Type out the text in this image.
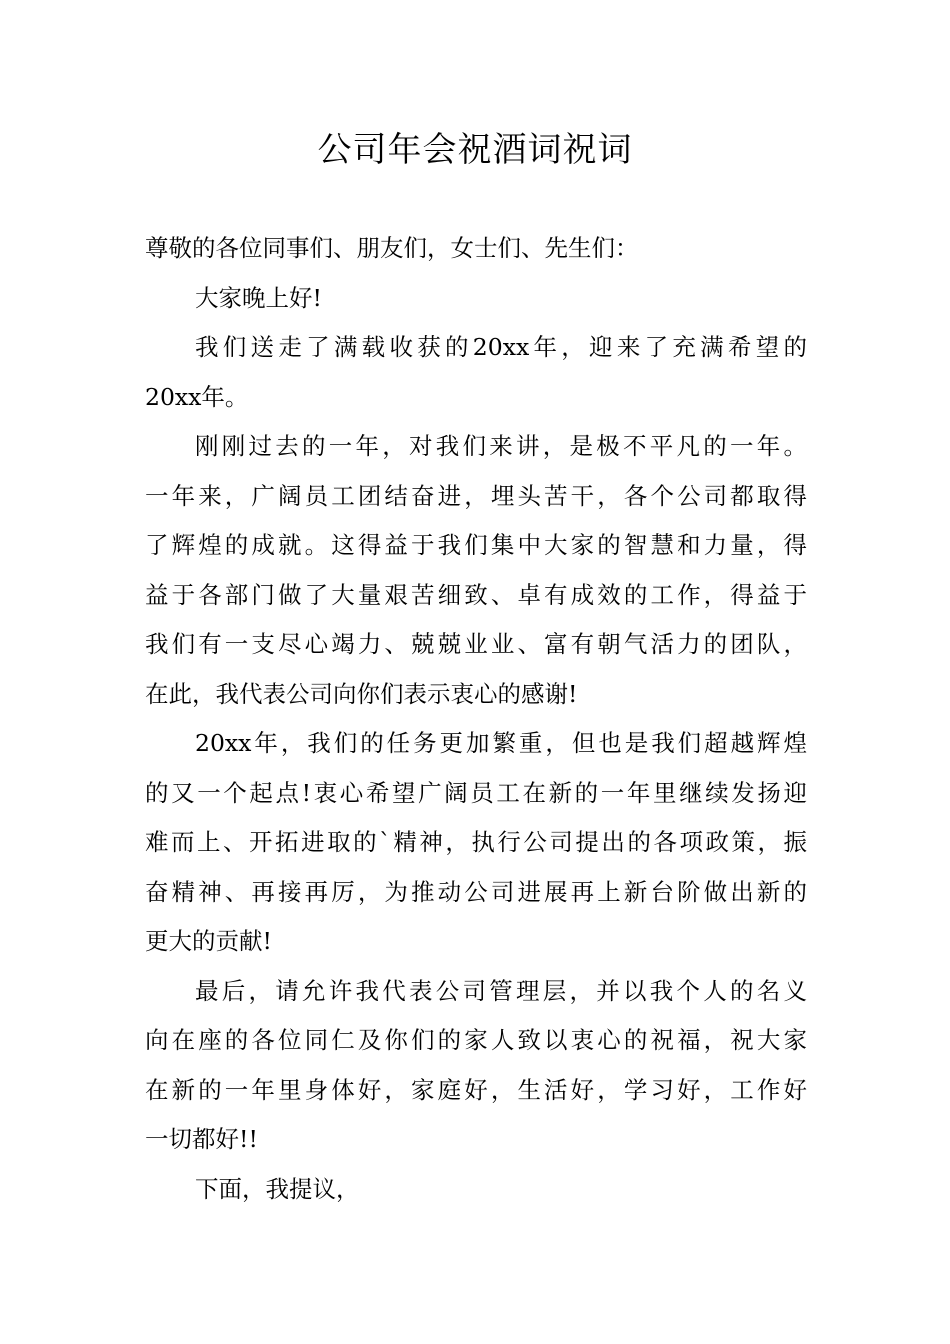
公司年会祝酒词祝词
尊敬的各位同事们、朋友们，女士们、先生们：
大家晚上好!
我们送走了满载收获的20xx年，迎来了充满希望的
20xx年。
刚刚过去的一年，对我们来讲，是极不平凡的一年。
一年来，广阔员工团结奋进，埋头苦干，各个公司都取得
了辉煌的成就。这得益于我们集中大家的智慧和力量，得
益于各部门做了大量艰苦细致、卓有成效的工作，得益于
我们有一支尽心竭力、兢兢业业、富有朝气活力的团队，
在此，我代表公司向你们表示衷心的感谢!
20xx年，我们的任务更加繁重，但也是我们超越辉煌
的又一个起点!衷心希望广阔员工在新的一年里继续发扬迎
难而上、开拓进取的`精神，执行公司提出的各项政策，振
奋精神、再接再厉，为推动公司进展再上新台阶做出新的
更大的贡献!
最后，请允许我代表公司管理层，并以我个人的名义
向在座的各位同仁及你们的家人致以衷心的祝福，祝大家
在新的一年里身体好，家庭好，生活好，学习好，工作好
一切都好!!
下面，我提议，
